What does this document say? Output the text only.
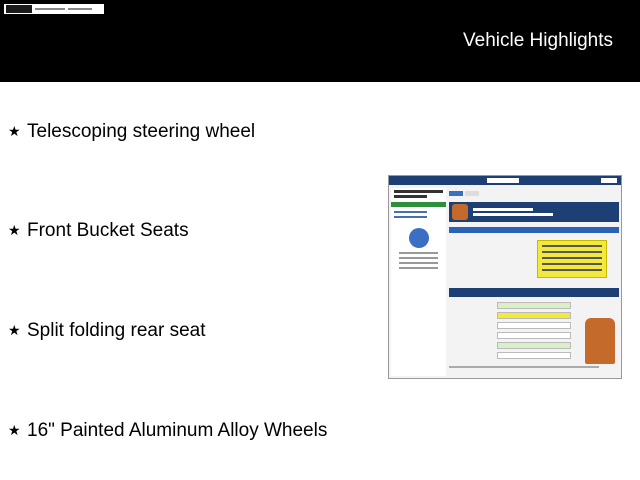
Vehicle Highlights
★ Telescoping steering wheel
★ Front Bucket Seats
★ Split folding rear seat
★ 16" Painted Aluminum Alloy Wheels
